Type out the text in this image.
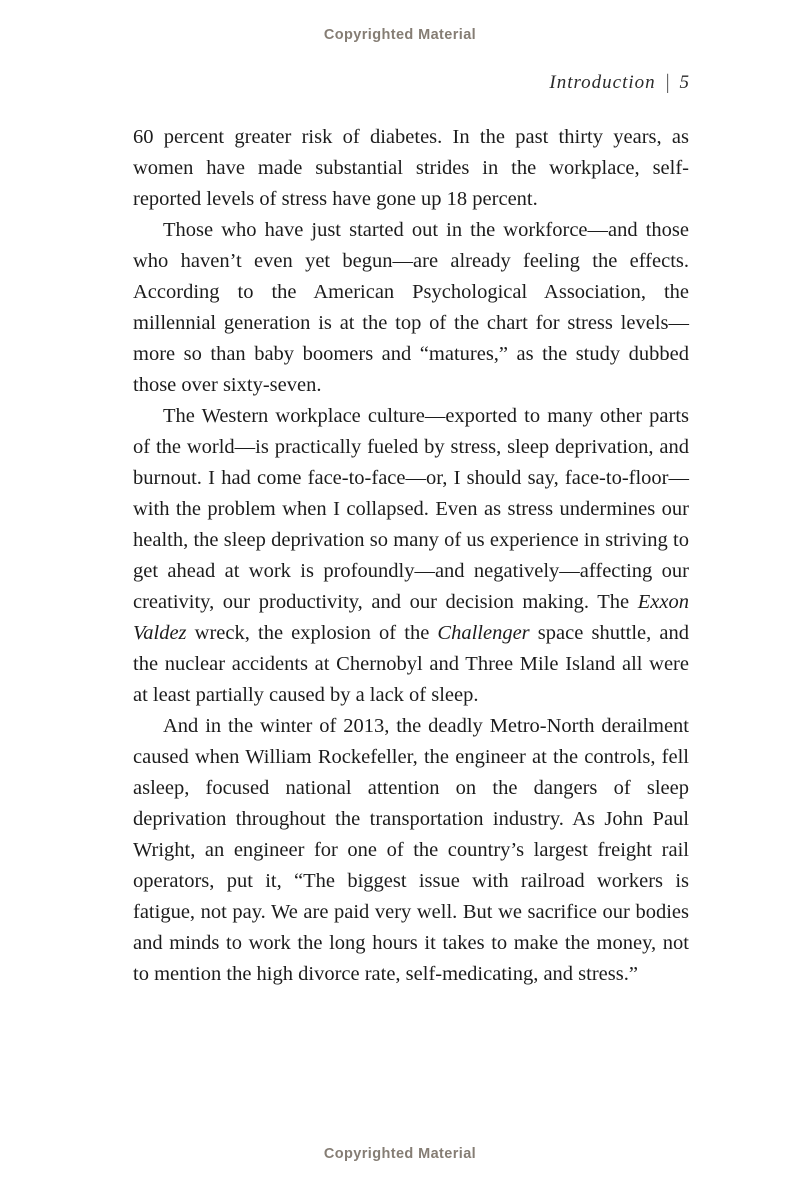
Copyrighted Material
Introduction | 5

60 percent greater risk of diabetes. In the past thirty years, as women have made substantial strides in the workplace, self-reported levels of stress have gone up 18 percent.

Those who have just started out in the workforce—and those who haven’t even yet begun—are already feeling the effects. According to the American Psychological Association, the millennial generation is at the top of the chart for stress levels—more so than baby boomers and “matures,” as the study dubbed those over sixty-seven.

The Western workplace culture—exported to many other parts of the world—is practically fueled by stress, sleep deprivation, and burnout. I had come face-to-face—or, I should say, face-to-floor—with the problem when I collapsed. Even as stress undermines our health, the sleep deprivation so many of us experience in striving to get ahead at work is profoundly—and negatively—affecting our creativity, our productivity, and our decision making. The Exxon Valdez wreck, the explosion of the Challenger space shuttle, and the nuclear accidents at Chernobyl and Three Mile Island all were at least partially caused by a lack of sleep.

And in the winter of 2013, the deadly Metro-North derailment caused when William Rockefeller, the engineer at the controls, fell asleep, focused national attention on the dangers of sleep deprivation throughout the transportation industry. As John Paul Wright, an engineer for one of the country’s largest freight rail operators, put it, “The biggest issue with railroad workers is fatigue, not pay. We are paid very well. But we sacrifice our bodies and minds to work the long hours it takes to make the money, not to mention the high divorce rate, self-medicating, and stress.”

Copyrighted Material
